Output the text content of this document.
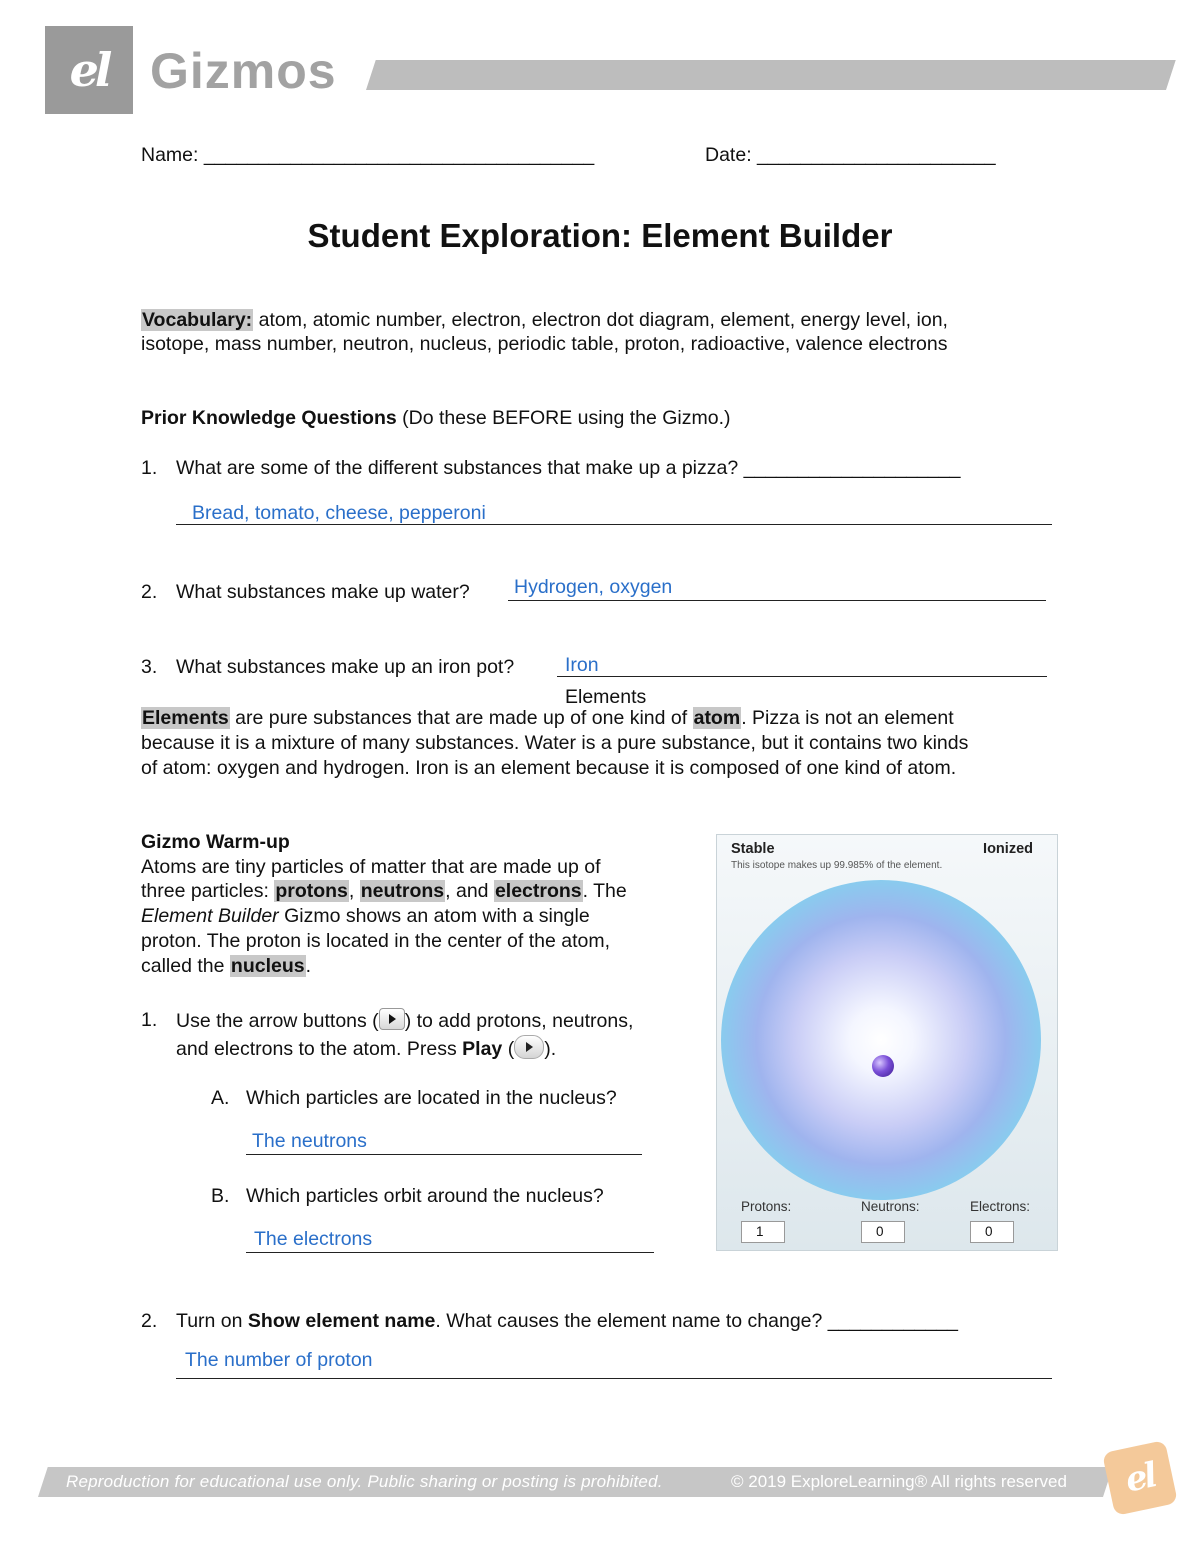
el Gizmos
Name: ____________________________________	Date: ______________________
Student Exploration: Element Builder
Vocabulary: atom, atomic number, electron, electron dot diagram, element, energy level, ion,
isotope, mass number, neutron, nucleus, periodic table, proton, radioactive, valence electrons
Prior Knowledge Questions (Do these BEFORE using the Gizmo.)
1. What are some of the different substances that make up a pizza? ____________________
Bread, tomato, cheese, pepperoni
2. What substances make up water? Hydrogen, oxygen
3. What substances make up an iron pot?	Iron
Elements
Elements are pure substances that are made up of one kind of atom. Pizza is not an element
because it is a mixture of many substances. Water is a pure substance, but it contains two kinds
of atom: oxygen and hydrogen. Iron is an element because it is composed of one kind of atom.
Gizmo Warm-up
Atoms are tiny particles of matter that are made up of
three particles: protons, neutrons, and electrons. The
Element Builder Gizmo shows an atom with a single
proton. The proton is located in the center of the atom,
called the nucleus.
1. Use the arrow buttons ( ) to add protons, neutrons,
and electrons to the atom. Press Play ( ).
A. Which particles are located in the nucleus?
The neutrons
B. Which particles orbit around the nucleus?
The electrons
2. Turn on Show element name. What causes the element name to change? ____________
The number of proton
Stable	Ionized
This isotope makes up 99.985% of the element.
Protons:	Neutrons:	Electrons:
1	0	0
Reproduction for educational use only. Public sharing or posting is prohibited.	© 2019 ExploreLearning® All rights reserved el
